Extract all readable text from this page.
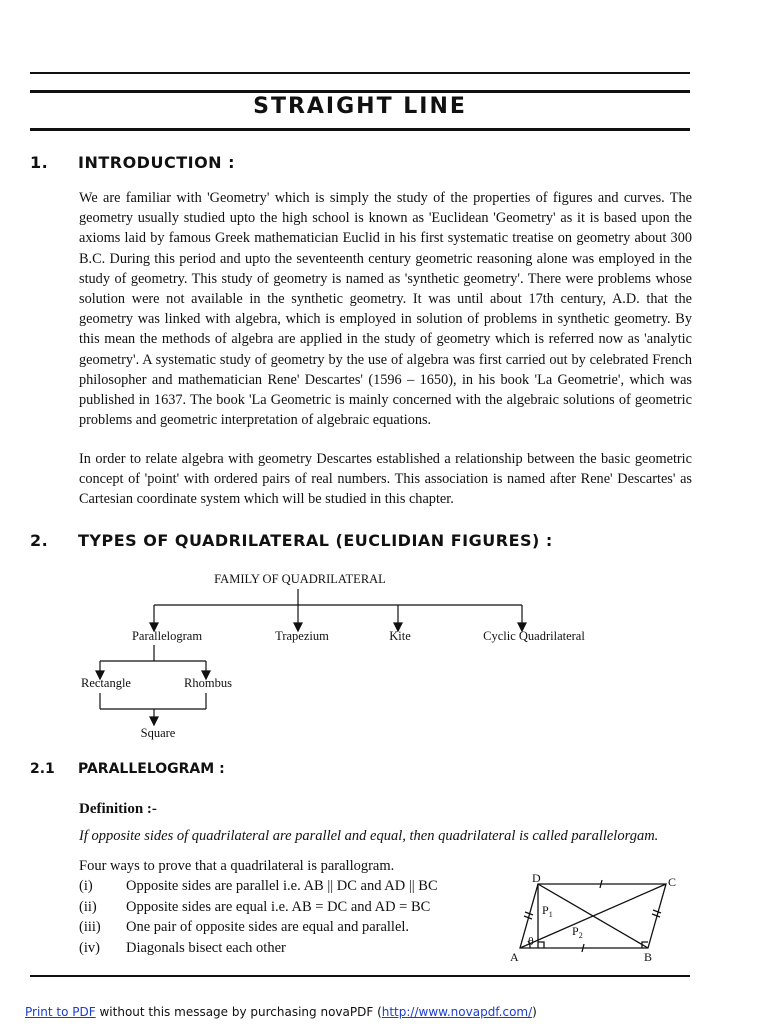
STRAIGHT LINE
1. INTRODUCTION :

We are familiar with 'Geometry' which is simply the study of the properties of figures and curves. The geometry usually studied upto the high school is known as 'Euclidean 'Geometry' as it is based upon the axioms laid by famous Greek mathematician Euclid in his first systematic treatise on geometry about 300 B.C. During this period and upto the seventeenth century geometric reasoning alone was employed in the study of geometry. This study of geometry is named as 'synthetic geometry'. There were problems whose solution were not available in the synthetic geometry. It was until about 17th century, A.D. that the geometry was linked with algebra, which is employed in solution of problems in synthetic geometry. By this mean the methods of algebra are applied in the study of geometry which is referred now as 'analytic geometry'. A systematic study of geometry by the use of algebra was first carried out by celebrated French philosopher and mathematician Rene' Descartes' (1596 – 1650), in his book 'La Geometrie', which was published in 1637. The book 'La Geometric is mainly concerned with the algebraic solutions of geometric problems and geometric interpretation of algebraic equations.

In order to relate algebra with geometry Descartes established a relationship between the basic geometric concept of 'point' with ordered pairs of real numbers. This association is named after Rene' Descartes' as Cartesian coordinate system which will be studied in this chapter.

2. TYPES OF QUADRILATERAL (EUCLIDIAN FIGURES) :
FAMILY OF QUADRILATERAL
Parallelogram	Trapezium	Kite	Cyclic Quadrilateral
Rectangle	Rhombus
Square
2.1 PARALLELOGRAM :
Definition :-
If opposite sides of quadrilateral are parallel and equal, then quadrilateral is called parallelorgam.
Four ways to prove that a quadrilateral is parallogram.
(i) Opposite sides are parallel i.e. AB || DC and AD || BC
(ii) Opposite sides are equal i.e. AB = DC and AD = BC
(iii) One pair of opposite sides are equal and parallel.
(iv) Diagonals bisect each other
A	B
C
D
$P_1$
$P_2$
θ
Print to PDF without this message by purchasing novaPDF (http://www.novapdf.com/)
